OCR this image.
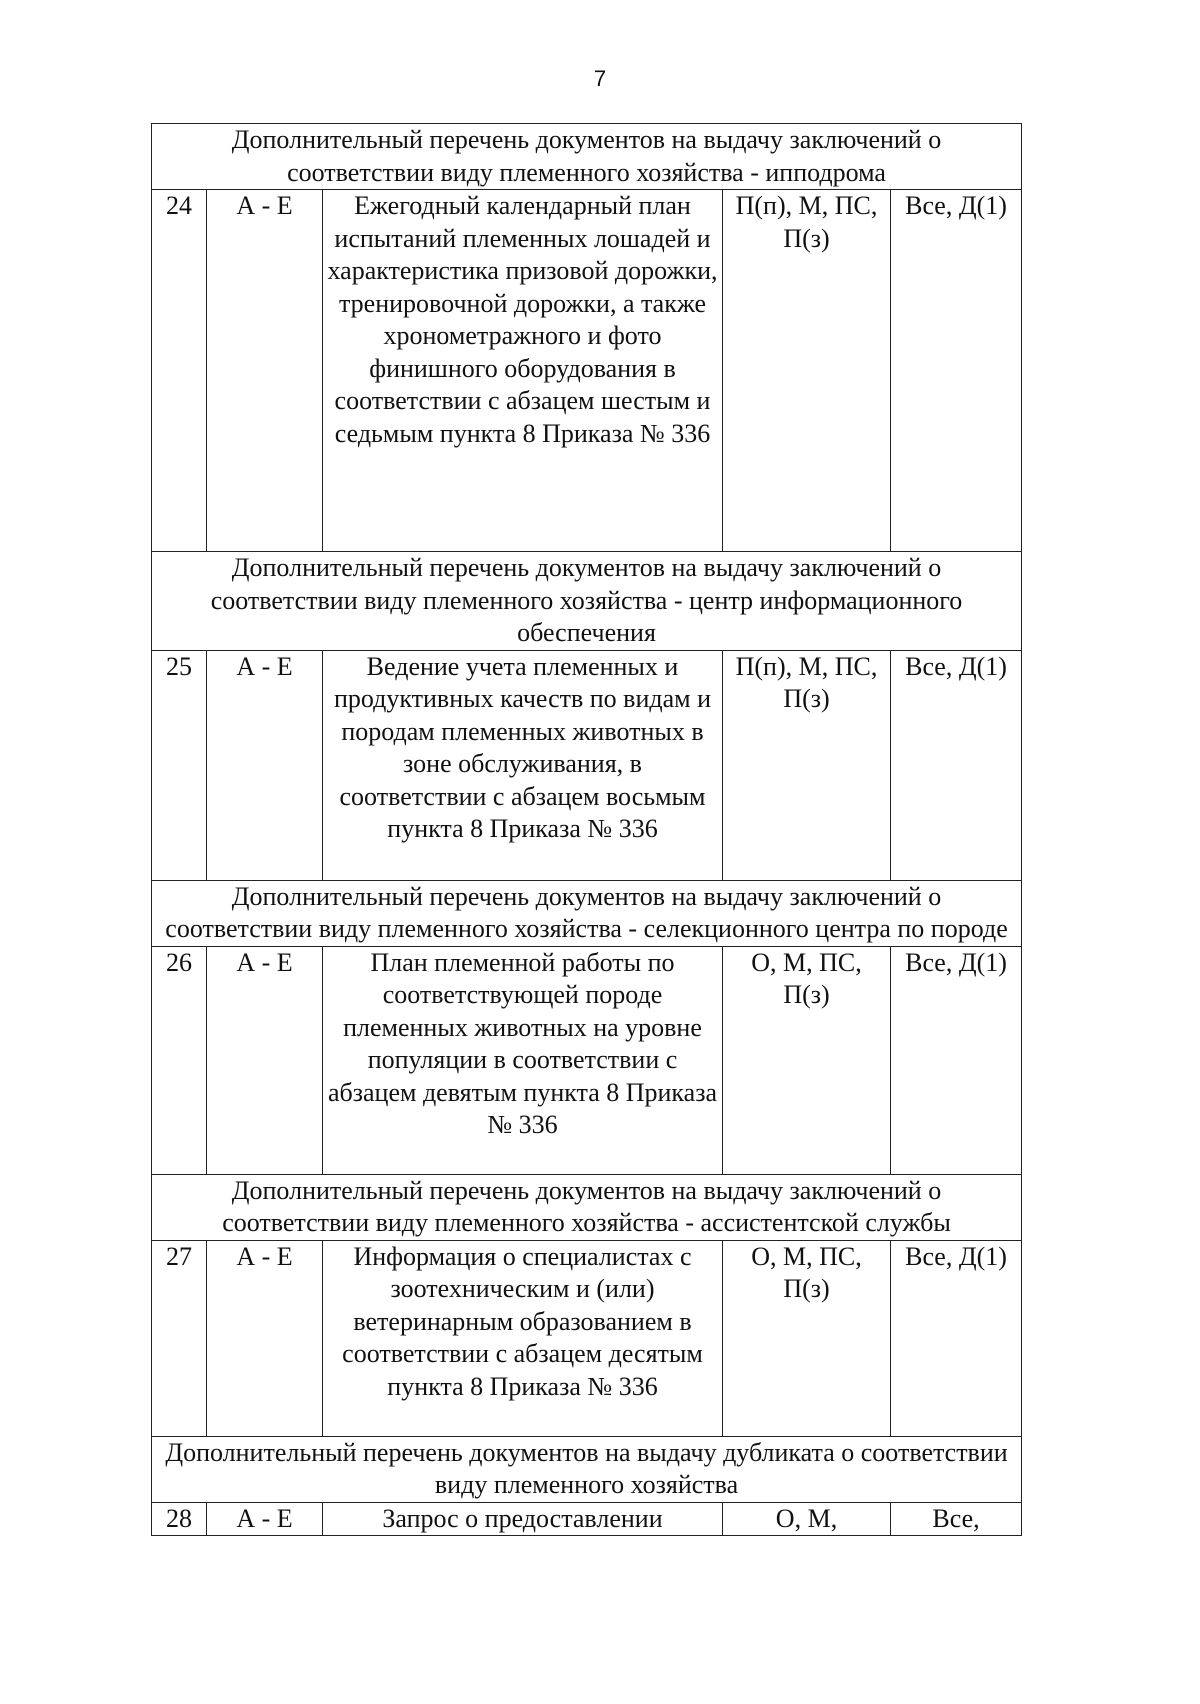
7
Дополнительный перечень документов на выдачу заключений о соответствии виду племенного хозяйства - ипподрома				
24	А - Е	Ежегодный календарный план испытаний племенных лошадей и характеристика призовой дорожки, тренировочной дорожки, а также хронометражного и фото финишного оборудования в соответствии с абзацем шестым и седьмым пункта 8 Приказа № 336	П(п), М, ПС, П(з)	Все, Д(1)
Дополнительный перечень документов на выдачу заключений о соответствии виду племенного хозяйства - центр информационного обеспечения				
25	А - Е	Ведение учета племенных и продуктивных качеств по видам и породам племенных животных в зоне обслуживания, в соответствии с абзацем восьмым пункта 8 Приказа № 336	П(п), М, ПС, П(з)	Все, Д(1)
Дополнительный перечень документов на выдачу заключений о соответствии виду племенного хозяйства - селекционного центра по породе				
26	А - Е	План племенной работы по соответствующей породе племенных животных на уровне популяции в соответствии с абзацем девятым пункта 8 Приказа № 336	О, М, ПС, П(з)	Все, Д(1)
Дополнительный перечень документов на выдачу заключений о соответствии виду племенного хозяйства - ассистентской службы				
27	А - Е	Информация о специалистах с зоотехническим и (или) ветеринарным образованием в соответствии с абзацем десятым пункта 8 Приказа № 336	О, М, ПС, П(з)	Все, Д(1)
Дополнительный перечень документов на выдачу дубликата о соответствии виду племенного хозяйства				
28	А - Е	Запрос о предоставлении	О, М,	Все,
